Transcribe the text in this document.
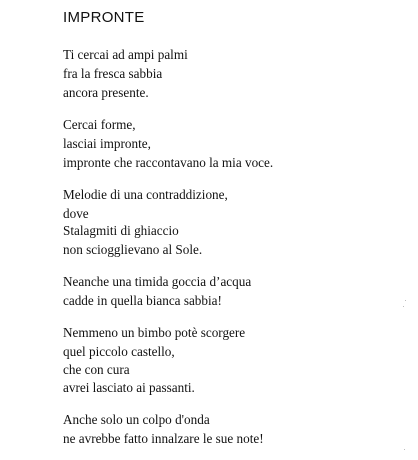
IMPRONTE
Ti cercai ad ampi palmi
fra la fresca sabbia
ancora presente.
Cercai forme,
lasciai impronte,
impronte che raccontavano la mia voce.
Melodie di una contraddizione,
dove
Stalagmiti di ghiaccio
non sciogglievano al Sole.
Neanche una timida goccia d’acqua
cadde in quella bianca sabbia!
Nemmeno un bimbo potè scorgere
quel piccolo castello,
che con cura
avrei lasciato ai passanti.
Anche solo un colpo d'onda
ne avrebbe fatto innalzare le sue note!
